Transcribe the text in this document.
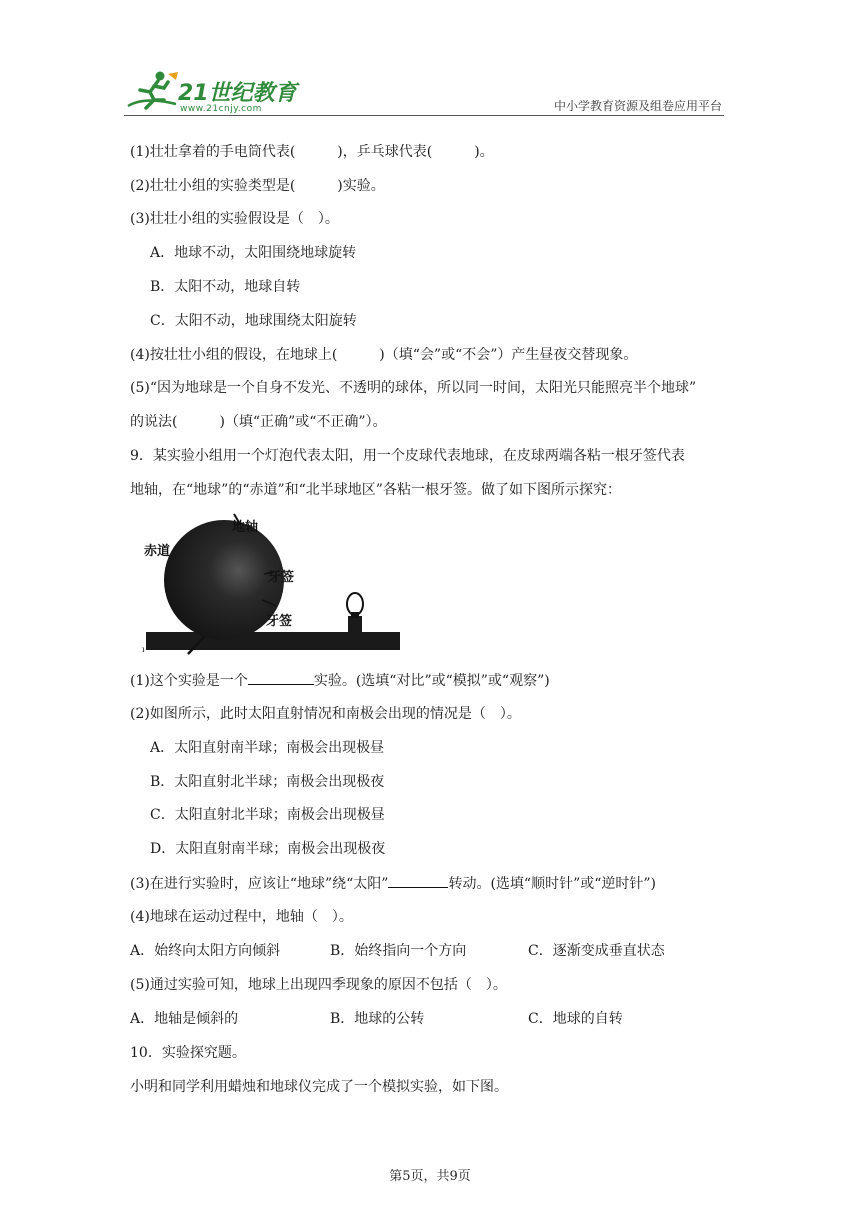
21世纪教育
www.21cnjy.com	中小学教育资源及组卷应用平台
(1)壮壮拿着的手电筒代表(　　　)，乒乓球代表(　　　)。
(2)壮壮小组的实验类型是(　　　)实验。
(3)壮壮小组的实验假设是（　）。
A．地球不动，太阳围绕地球旋转
B．太阳不动，地球自转
C．太阳不动，地球围绕太阳旋转
(4)按壮壮小组的假设，在地球上(　　　)（填“会”或“不会”）产生昼夜交替现象。
(5)“因为地球是一个自身不发光、不透明的球体，所以同一时间，太阳光只能照亮半个地球”
的说法(　　　)（填“正确”或“不正确”）。
9．某实验小组用一个灯泡代表太阳，用一个皮球代表地球，在皮球两端各粘一根牙签代表
地轴，在“地球”的“赤道”和“北半球地区”各粘一根牙签。做了如下图所示探究：
(1)这个实验是一个	实验。(选填“对比”或“模拟”或“观察”)
(2)如图所示，此时太阳直射情况和南极会出现的情况是（　）。
A．太阳直射南半球；南极会出现极昼
B．太阳直射北半球；南极会出现极夜
C．太阳直射北半球；南极会出现极昼
D．太阳直射南半球；南极会出现极夜
(3)在进行实验时，应该让“地球”绕“太阳”	转动。(选填“顺时针”或“逆时针”)
(4)地球在运动过程中，地轴（　）。
A．始终向太阳方向倾斜	B．始终指向一个方向	C．逐渐变成垂直状态
(5)通过实验可知，地球上出现四季现象的原因不包括（　）。
A．地轴是倾斜的	B．地球的公转	C．地球的自转
10．实验探究题。
小明和同学利用蜡烛和地球仪完成了一个模拟实验，如下图。
ı
地轴
赤道
牙签
牙签
第5页，共9页
